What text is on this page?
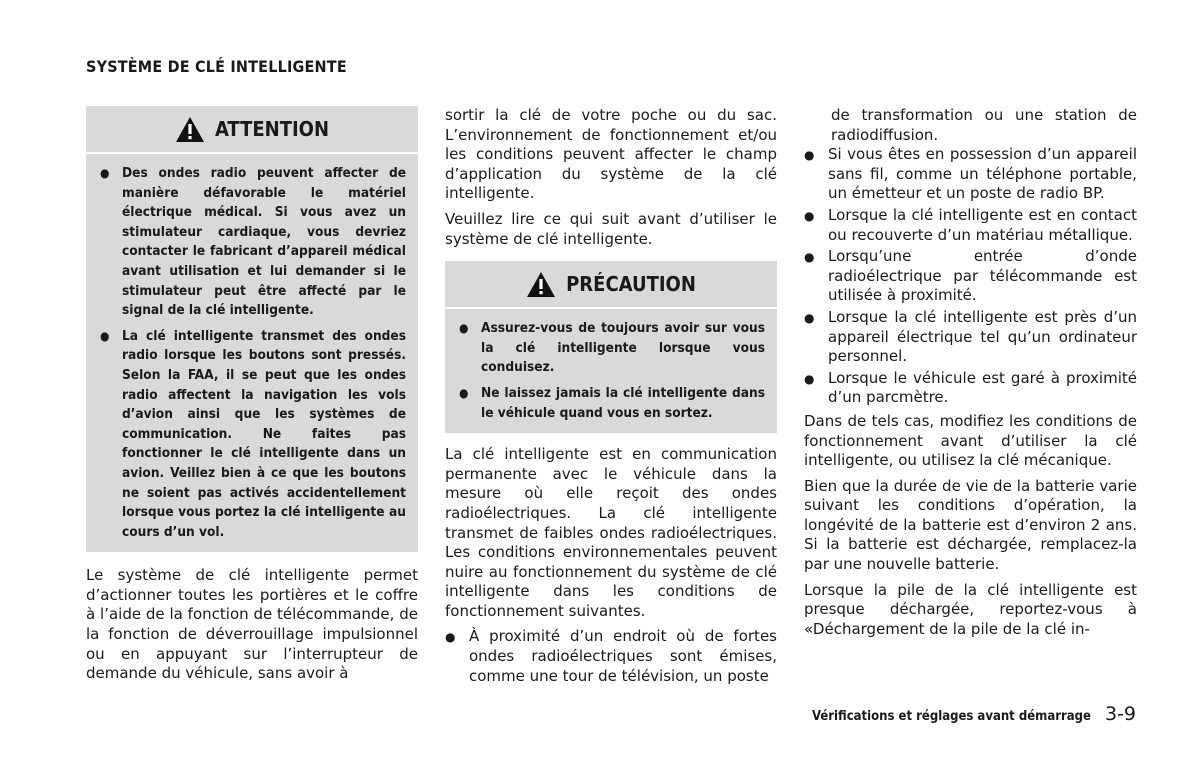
SYSTÈME DE CLÉ INTELLIGENTE
ATTENTION
● Des ondes radio peuvent affecter de manière défavorable le matériel électrique médical. Si vous avez un stimulateur cardiaque, vous devriez contacter le fabricant d’appareil médical avant utilisation et lui demander si le stimulateur peut être affecté par le signal de la clé intelligente.
● La clé intelligente transmet des ondes radio lorsque les boutons sont pressés. Selon la FAA, il se peut que les ondes radio affectent la navigation les vols d’avion ainsi que les systèmes de communication. Ne faites pas fonctionner le clé intelligente dans un avion. Veillez bien à ce que les boutons ne soient pas activés accidentellement lorsque vous portez la clé intelligente au cours d’un vol.

Le système de clé intelligente permet d’actionner toutes les portières et le coffre à l’aide de la fonction de télécommande, de la fonction de déverrouillage impulsionnel ou en appuyant sur l’interrupteur de demande du véhicule, sans avoir à

sortir la clé de votre poche ou du sac. L’environnement de fonctionnement et/ou les conditions peuvent affecter le champ d’application du système de la clé intelligente.

Veuillez lire ce qui suit avant d’utiliser le système de clé intelligente.

PRÉCAUTION
● Assurez-vous de toujours avoir sur vous la clé intelligente lorsque vous conduisez.
● Ne laissez jamais la clé intelligente dans le véhicule quand vous en sortez.

La clé intelligente est en communication permanente avec le véhicule dans la mesure où elle reçoit des ondes radioélectriques. La clé intelligente transmet de faibles ondes radioélectriques. Les conditions environnementales peuvent nuire au fonctionnement du système de clé intelligente dans les conditions de fonctionnement suivantes.

● À proximité d’un endroit où de fortes ondes radioélectriques sont émises, comme une tour de télévision, un poste

de transformation ou une station de radiodiffusion.

● Si vous êtes en possession d’un appareil sans fil, comme un téléphone portable, un émetteur et un poste de radio BP.
● Lorsque la clé intelligente est en contact ou recouverte d’un matériau métallique.
● Lorsqu’une entrée d’onde radioélectrique par télécommande est utilisée à proximité.
● Lorsque la clé intelligente est près d’un appareil électrique tel qu’un ordinateur personnel.
● Lorsque le véhicule est garé à proximité d’un parcmètre.

Dans de tels cas, modifiez les conditions de fonctionnement avant d’utiliser la clé intelligente, ou utilisez la clé mécanique.

Bien que la durée de vie de la batterie varie suivant les conditions d’opération, la longévité de la batterie est d’environ 2 ans. Si la batterie est déchargée, remplacez-la par une nouvelle batterie.

Lorsque la pile de la clé intelligente est presque déchargée, reportez-vous à «Déchargement de la pile de la clé in-

Vérifications et réglages avant démarrage 3-9
